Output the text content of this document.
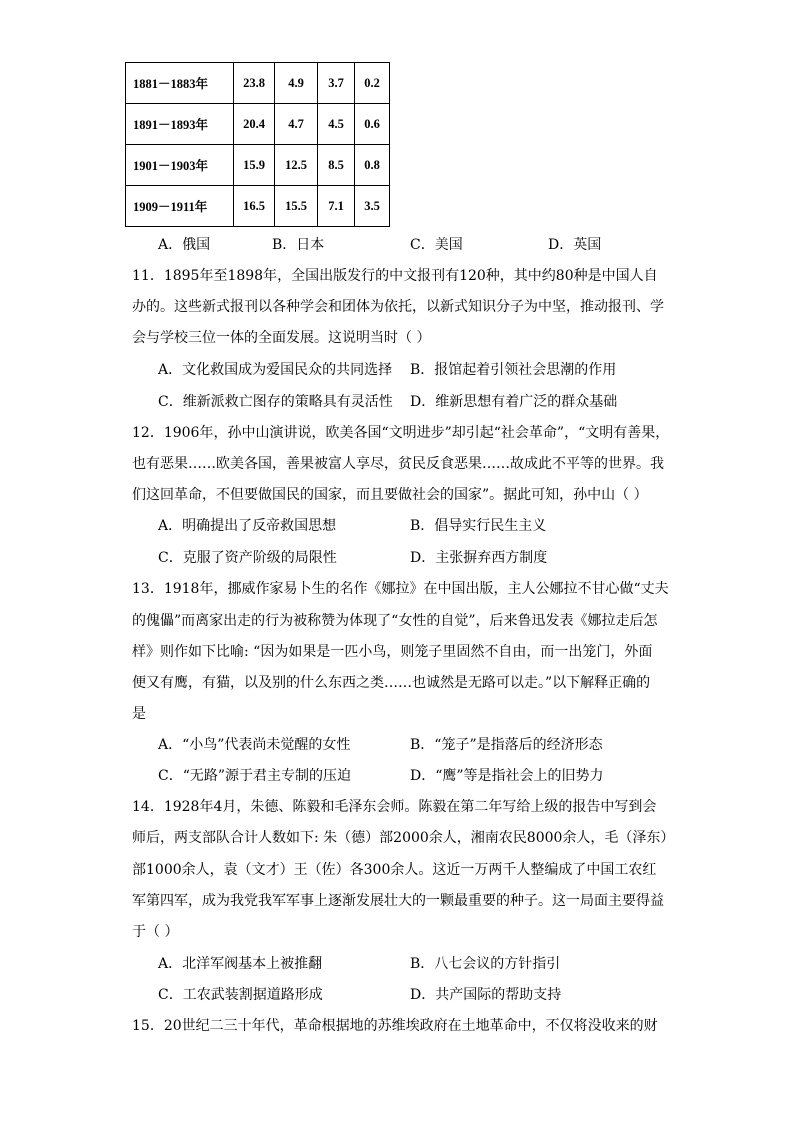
1881－1883年	23.8	4.9	3.7	0.2
1891－1893年	20.4	4.7	4.5	0.6
1901－1903年	15.9	12.5	8.5	0.8
1909－1911年	16.5	15.5	7.1	3.5
A．俄国	B．日本	C．美国	D．英国
11．1895年至1898年，全国出版发行的中文报刊有120种，其中约80种是中国人自
办的。这些新式报刊以各种学会和团体为依托，以新式知识分子为中坚，推动报刊、学
会与学校三位一体的全面发展。这说明当时（ ）
A．文化救国成为爱国民众的共同选择 B．报馆起着引领社会思潮的作用
C．维新派救亡图存的策略具有灵活性 D．维新思想有着广泛的群众基础
12．1906年，孙中山演讲说，欧美各国“文明进步”却引起“社会革命”，“文明有善果，
也有恶果……欧美各国，善果被富人享尽，贫民反食恶果……故成此不平等的世界。我
们这回革命，不但要做国民的国家，而且要做社会的国家”。据此可知，孙中山（ ）
A．明确提出了反帝救国思想	B．倡导实行民生主义
C．克服了资产阶级的局限性	D．主张摒弃西方制度
13．1918年，挪威作家易卜生的名作《娜拉》在中国出版，主人公娜拉不甘心做“丈夫
的傀儡”而离家出走的行为被称赞为体现了“女性的自觉”，后来鲁迅发表《娜拉走后怎
样》则作如下比喻: “因为如果是一匹小鸟，则笼子里固然不自由，而一出笼门，外面
便又有鹰，有猫，以及别的什么东西之类……也诚然是无路可以走。”以下解释正确的
是
A．“小鸟”代表尚未觉醒的女性	B．“笼子”是指落后的经济形态
C．“无路”源于君主专制的压迫	D．“鹰”等是指社会上的旧势力
14．1928年4月，朱德、陈毅和毛泽东会师。陈毅在第二年写给上级的报告中写到会
师后，两支部队合计人数如下: 朱（德）部2000余人，湘南农民8000余人，毛（泽东）
部1000余人，袁（文才）王（佐）各300余人。这近一万两千人整编成了中国工农红
军第四军，成为我党我军军事上逐渐发展壮大的一颗最重要的种子。这一局面主要得益
于（ ）
A．北洋军阀基本上被推翻	B．八七会议的方针指引
C．工农武装割据道路形成	D．共产国际的帮助支持
15．20世纪二三十年代，革命根据地的苏维埃政府在土地革命中，不仅将没收来的财
